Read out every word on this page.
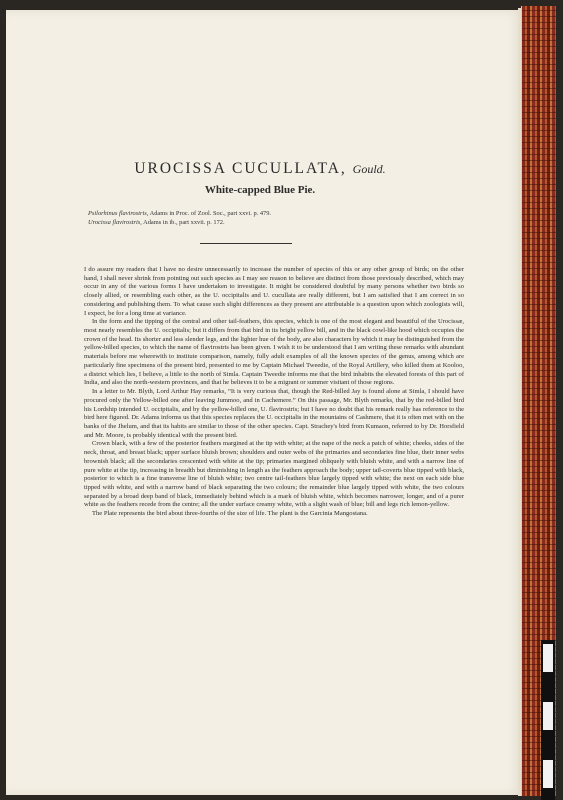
UROCISSA CUCULLATA, Gould.
White-capped Blue Pie.
Psilorhinus flavirostris, Adams in Proc. of Zool. Soc., part xxvi. p. 479.
Urocissa flavirostris, Adams in ib., part xxvii. p. 172.

I do assure my readers that I have no desire unnecessarily to increase the number of species of this or any other group of birds; on the other hand, I shall never shrink from pointing out such species as I may see reason to believe are distinct from those previously described, which may occur in any of the various forms I have undertaken to investigate. It might be considered doubtful by many persons whether two birds so closely allied, or resembling each other, as the U. occipitalis and U. cucullata are really different, but I am satisfied that I am correct in so considering and publishing them. To what cause such slight differences as they present are attributable is a question upon which zoologists will, I expect, be for a long time at variance.

In the form and the tipping of the central and other tail-feathers, this species, which is one of the most elegant and beautiful of the Urocissæ, most nearly resembles the U. occipitalis; but it differs from that bird in its bright yellow bill, and in the black cowl-like hood which occupies the crown of the head. Its shorter and less slender legs, and the lighter hue of the body, are also characters by which it may be distinguished from the yellow-billed species, to which the name of flavirostris has been given. I wish it to be understood that I am writing these remarks with abundant materials before me wherewith to institute comparison, namely, fully adult examples of all the known species of the genus, among which are particularly fine specimens of the present bird, presented to me by Captain Michael Tweedie, of the Royal Artillery, who killed them at Kooloo, a district which lies, I believe, a little to the north of Simla. Captain Tweedie informs me that the bird inhabits the elevated forests of this part of India, and also the north-western provinces, and that he believes it to be a migrant or summer visitant of those regions.

In a letter to Mr. Blyth, Lord Arthur Hay remarks, “It is very curious that, though the Red-billed Jay is found alone at Simla, I should have procured only the Yellow-billed one after leaving Jummoo, and in Cachemere.” On this passage, Mr. Blyth remarks, that by the red-billed bird his Lordship intended U. occipitalis, and by the yellow-billed one, U. flavirostris; but I have no doubt that his remark really has reference to the bird here figured. Dr. Adams informs us that this species replaces the U. occipitalis in the mountains of Cashmere, that it is often met with on the banks of the Jhelum, and that its habits are similar to those of the other species. Capt. Strachey's bird from Kumaon, referred to by Dr. Horsfield and Mr. Moore, is probably identical with the present bird.

Crown black, with a few of the posterior feathers margined at the tip with white; at the nape of the neck a patch of white; cheeks, sides of the neck, throat, and breast black; upper surface bluish brown; shoulders and outer webs of the primaries and secondaries fine blue, their inner webs brownish black; all the secondaries crescented with white at the tip; primaries margined obliquely with bluish white, and with a narrow line of pure white at the tip, increasing in breadth but diminishing in length as the feathers approach the body; upper tail-coverts blue tipped with black, posterior to which is a fine transverse line of bluish white; two centre tail-feathers blue largely tipped with white; the next on each side blue tipped with white, and with a narrow band of black separating the two colours; the remainder blue largely tipped with white, the two colours separated by a broad deep band of black, immediately behind which is a mark of bluish white, which becomes narrower, longer, and of a purer white as the feathers recede from the centre; all the under surface creamy white, with a slight wash of blue; bill and legs rich lemon-yellow.

The Plate represents the bird about three-fourths of the size of life. The plant is the Garcinia Mangostana.
